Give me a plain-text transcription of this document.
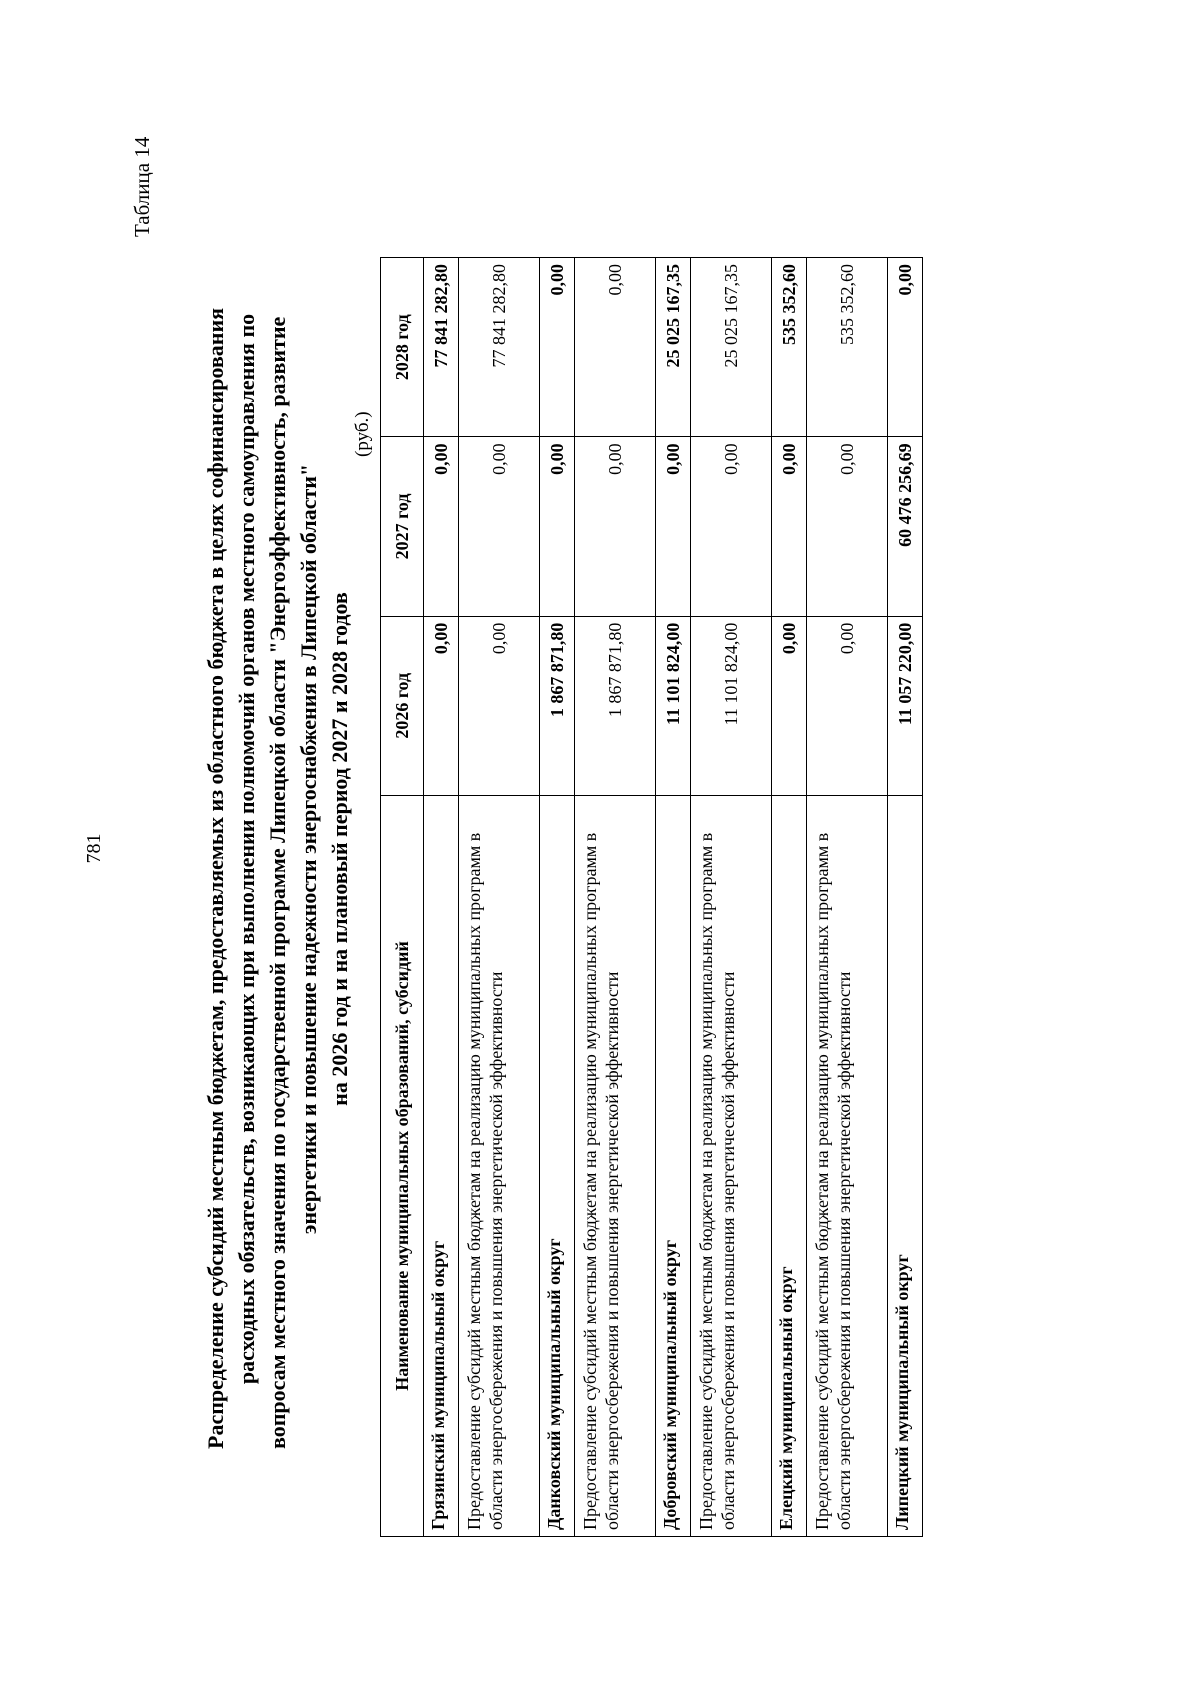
781
Таблица 14
Распределение субсидий местным бюджетам, предоставляемых из областного бюджета в целях софинансирования расходных обязательств, возникающих при выполнении полномочий органов местного самоуправления по вопросам местного значения по государственной программе Липецкой области "Энергоэффективность, развитие энергетики и повышение надежности энергоснабжения в Липецкой области" на 2026 год и на плановый период 2027 и 2028 годов
(руб.)
Наименование муниципальных образований, субсидий	2026 год	2027 год	2028 год
Грязинский муниципальный округ	0,00	0,00	77 841 282,80
Предоставление субсидий местным бюджетам на реализацию муниципальных программ в области энергосбережения и повышения энергетической эффективности	0,00	0,00	77 841 282,80
Данковский муниципальный округ	1 867 871,80	0,00	0,00
Предоставление субсидий местным бюджетам на реализацию муниципальных программ в области энергосбережения и повышения энергетической эффективности	1 867 871,80	0,00	0,00
Добровский муниципальный округ	11 101 824,00	0,00	25 025 167,35
Предоставление субсидий местным бюджетам на реализацию муниципальных программ в области энергосбережения и повышения энергетической эффективности	11 101 824,00	0,00	25 025 167,35
Елецкий муниципальный округ	0,00	0,00	535 352,60
Предоставление субсидий местным бюджетам на реализацию муниципальных программ в области энергосбережения и повышения энергетической эффективности	0,00	0,00	535 352,60
Липецкий муниципальный округ	11 057 220,00	60 476 256,69	0,00
